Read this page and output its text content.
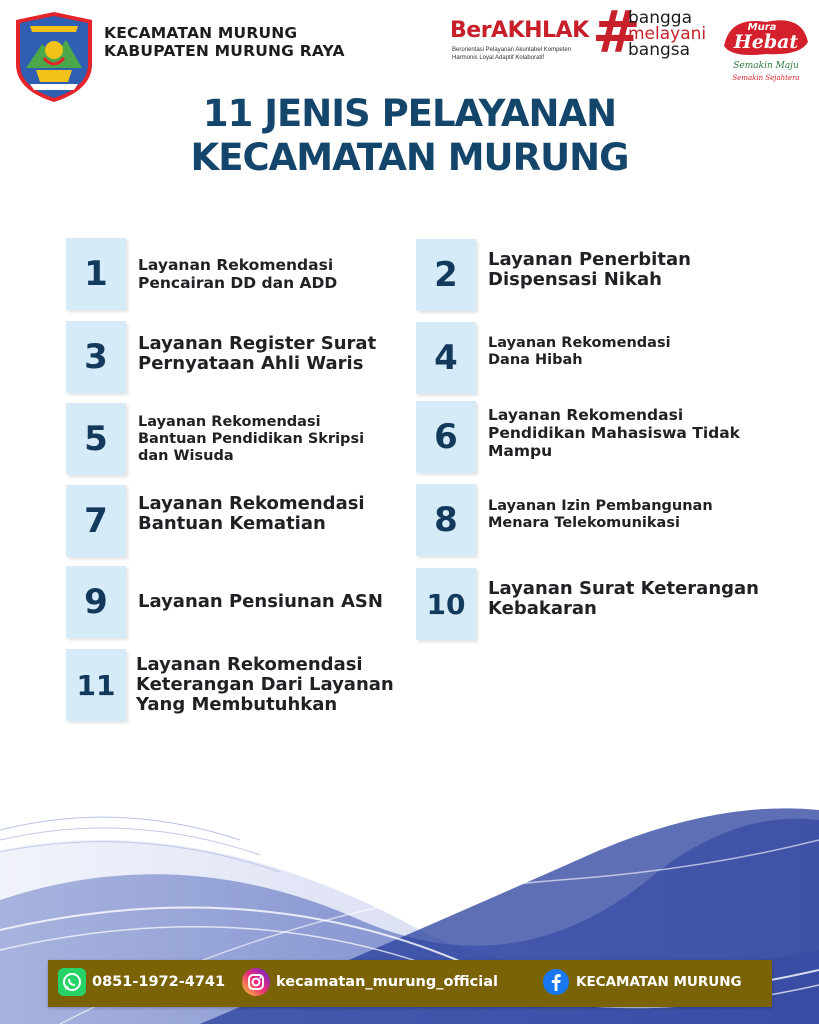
KECAMATAN MURUNG
KABUPATEN MURUNG RAYA
BerAKHLAK
Berorientasi Pelayanan Akuntabel Kompeten
Harmonis Loyal Adaptif Kolaboratif #
bangga
melayani
bangsa
Mura
Hebat
Semakin Maju
Semakin Sejahtera
11 JENIS PELAYANAN
KECAMATAN MURUNG
1	Layanan Rekomendasi
Pencairan DD dan ADD	2	Layanan Penerbitan
Dispensasi Nikah
3	Layanan Register Surat
Pernyataan Ahli Waris	4	Layanan Rekomendasi
Dana Hibah
5	Layanan Rekomendasi
Bantuan Pendidikan Skripsi
dan Wisuda	6
Layanan Rekomendasi
Pendidikan Mahasiswa Tidak
Mampu
7	Layanan Rekomendasi
Bantuan Kematian	8	Layanan Izin Pembangunan
Menara Telekomunikasi
9	Layanan Pensiunan ASN	10	Layanan Surat Keterangan
Kebakaran
11
Layanan Rekomendasi
Keterangan Dari Layanan
Yang Membutuhkan
0851-1972-4741	kecamatan_murung_official	KECAMATAN MURUNG
